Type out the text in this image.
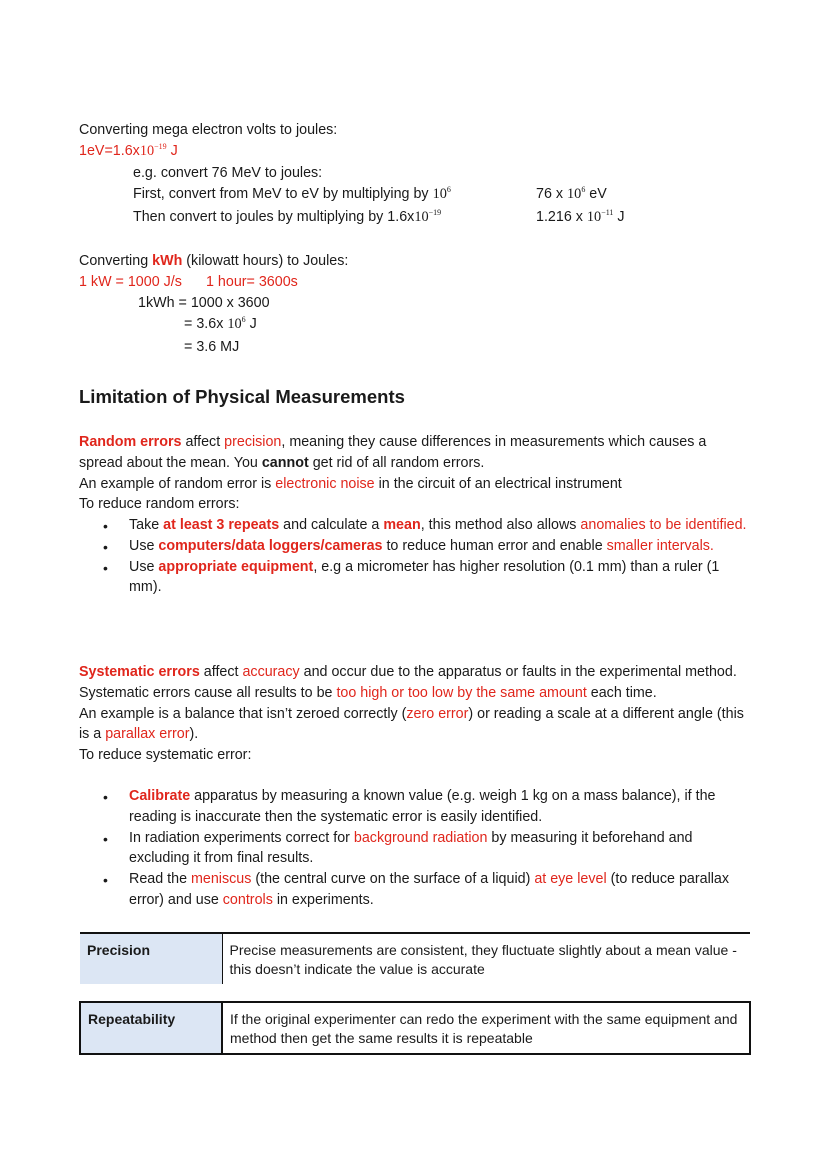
Converting mega electron volts to joules:
$1eV=1.6x10^{-19}$ J
e.g. convert 76 MeV to joules:
First, convert from MeV to eV by multiplying by $10^6$	76 x $10^6$ eV
Then convert to joules by multiplying by $1.6x10^{-19}$	1.216 x $10^{-11}$ J
Converting kWh (kilowatt hours) to Joules:
1 kW = 1000 J/s 1 hour= 3600s
1kWh = 1000 x 3600
= 3.6x $10^6$ J
= 3.6 MJ
Limitation of Physical Measurements
Random errors affect precision, meaning they cause differences in measurements which causes a spread about the mean. You cannot get rid of all random errors.
An example of random error is electronic noise in the circuit of an electrical instrument
To reduce random errors:
• Take at least 3 repeats and calculate a mean, this method also allows anomalies to be identified.
• Use computers/data loggers/cameras to reduce human error and enable smaller intervals.
• Use appropriate equipment, e.g a micrometer has higher resolution (0.1 mm) than a ruler (1 mm).
Systematic errors affect accuracy and occur due to the apparatus or faults in the experimental method. Systematic errors cause all results to be too high or too low by the same amount each time.
An example is a balance that isn’t zeroed correctly (zero error) or reading a scale at a different angle (this is a parallax error).
To reduce systematic error:
• Calibrate apparatus by measuring a known value (e.g. weigh 1 kg on a mass balance), if the reading is inaccurate then the systematic error is easily identified.
• In radiation experiments correct for background radiation by measuring it beforehand and excluding it from final results.
• Read the meniscus (the central curve on the surface of a liquid) at eye level (to reduce parallax error) and use controls in experiments.
Precision	Precise measurements are consistent, they fluctuate slightly about a mean value - this doesn’t indicate the value is accurate

Repeatability	If the original experimenter can redo the experiment with the same equipment and method then get the same results it is repeatable
